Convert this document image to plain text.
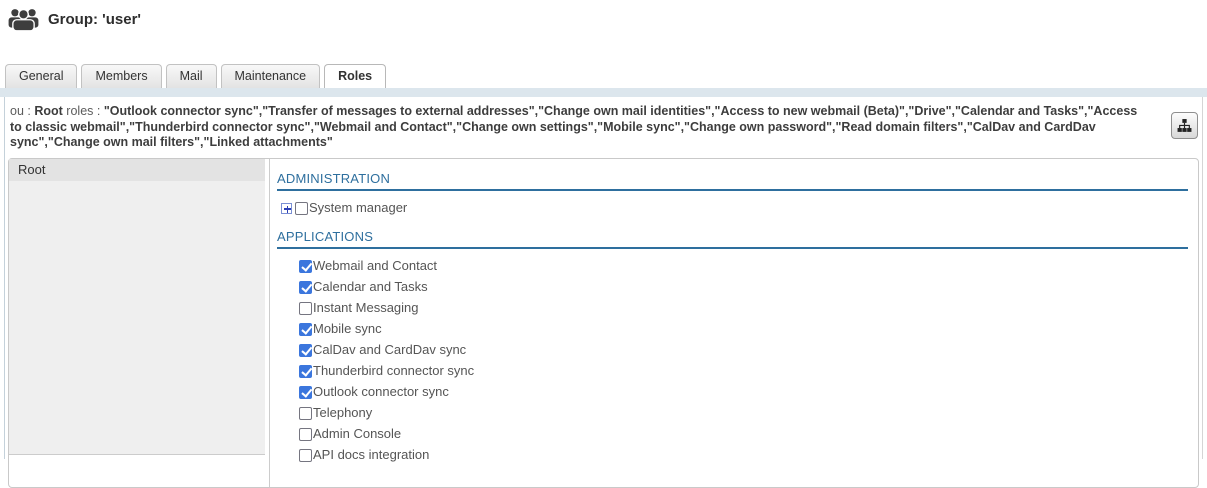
Group: 'user'
General	Members	Mail	Maintenance	Roles

ou : Root roles : "Outlook connector sync","Transfer of messages to external addresses","Change own mail identities","Access to new webmail (Beta)","Drive","Calendar and Tasks","Access to classic webmail","Thunderbird connector sync","Webmail and Contact","Change own settings","Mobile sync","Change own password","Read domain filters","CalDav and CardDav sync","Change own mail filters","Linked attachments"

Root
ADMINISTRATION
System manager
APPLICATIONS
Webmail and Contact
Calendar and Tasks
Instant Messaging
Mobile sync
CalDav and CardDav sync
Thunderbird connector sync
Outlook connector sync
Telephony
Admin Console
API docs integration
